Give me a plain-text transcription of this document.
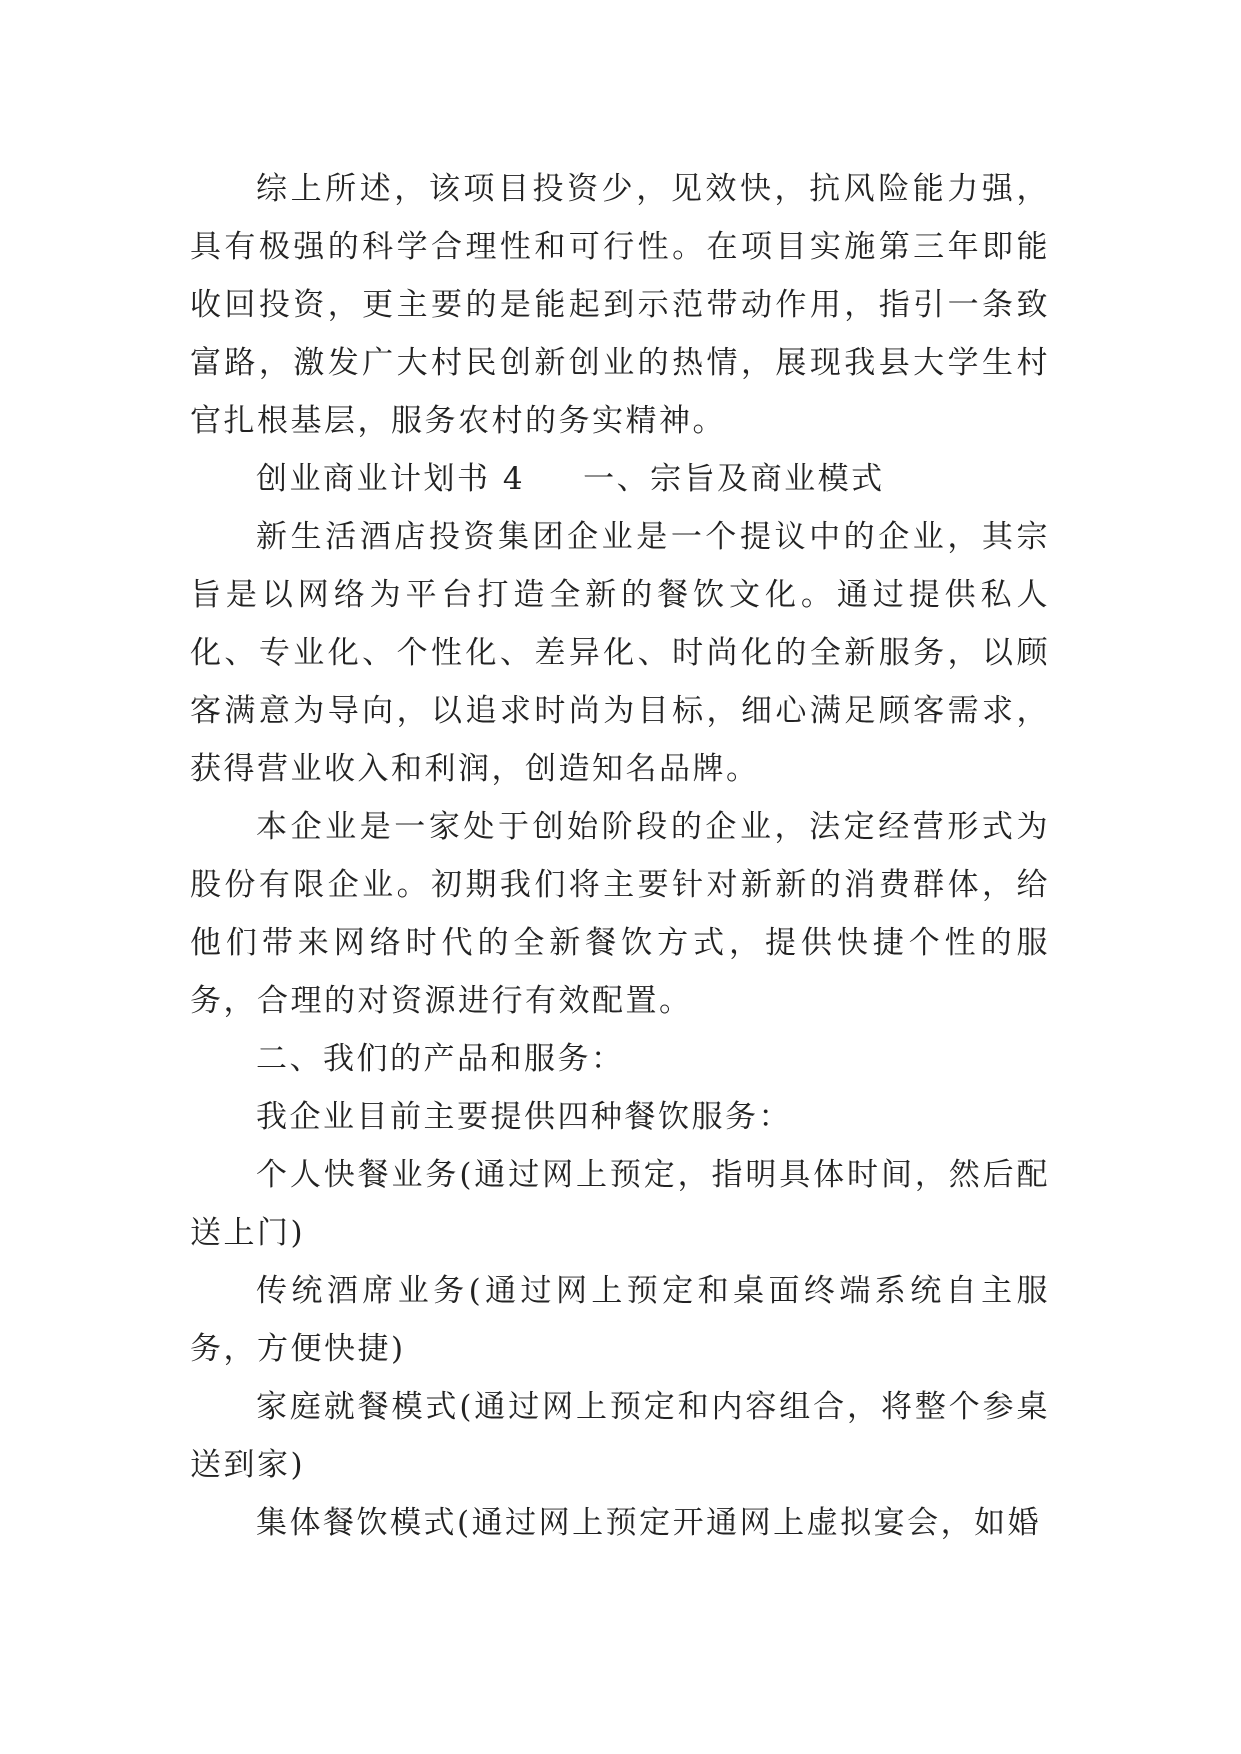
综上所述，该项目投资少，见效快，抗风险能力强，具有极强的科学合理性和可行性。在项目实施第三年即能收回投资，更主要的是能起到示范带动作用，指引一条致富路，激发广大村民创新创业的热情，展现我县大学生村官扎根基层，服务农村的务实精神。

创业商业计划书 4 一、宗旨及商业模式

新生活酒店投资集团企业是一个提议中的企业，其宗旨是以网络为平台打造全新的餐饮文化。通过提供私人化、专业化、个性化、差异化、时尚化的全新服务，以顾客满意为导向，以追求时尚为目标，细心满足顾客需求，获得营业收入和利润，创造知名品牌。

本企业是一家处于创始阶段的企业，法定经营形式为股份有限企业。初期我们将主要针对新新的消费群体，给他们带来网络时代的全新餐饮方式，提供快捷个性的服务，合理的对资源进行有效配置。

二、我们的产品和服务：

我企业目前主要提供四种餐饮服务：

个人快餐业务(通过网上预定，指明具体时间，然后配送上门)

传统酒席业务(通过网上预定和桌面终端系统自主服务，方便快捷)

家庭就餐模式(通过网上预定和内容组合，将整个参桌送到家)

集体餐饮模式(通过网上预定开通网上虚拟宴会，如婚
